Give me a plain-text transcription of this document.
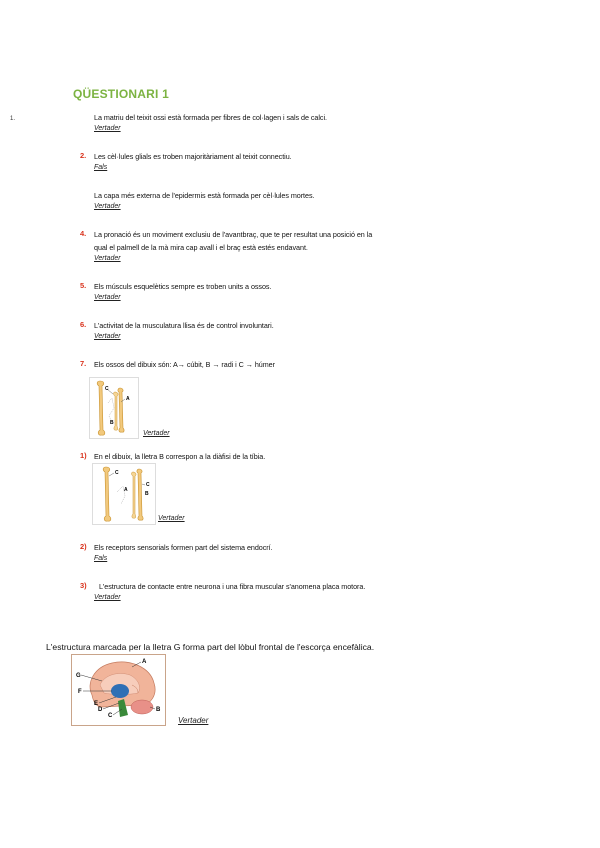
QÜESTIONARI 1
1.	La matriu del teixit ossi està formada per fibres de col·lagen i sals de calci.
Vertader
2. Les cèl·lules glials es troben majoritàriament al teixit connectiu.
Fals
La capa més externa de l'epidermis està formada per cèl·lules mortes.
Vertader
4. La pronació és un moviment exclusiu de l'avantbraç, que te per resultat una posició en la
qual el palmell de la mà mira cap avall i el braç està estés endavant.
Vertader
5. Els músculs esquelètics sempre es troben units a ossos.
Vertader
6. L'activitat de la musculatura llisa és de control involuntari.
Vertader
7. Els ossos del dibuix són: A→ cúbit, B → radi i C → húmer
C
A
B
Vertader
1) En el dibuix, la lletra B correspon a la diàfisi de la tíbia.
C
C
A
B
Vertader
2) Els receptors sensorials formen part del sistema endocrí.
Fals
3) L'estructura de contacte entre neurona i una fibra muscular s'anomena placa motora.
Vertader
L'estructura marcada per la lletra G forma part del lòbul frontal de l'escorça encefàlica.
A
G
F
E
D
C
B
Vertader
